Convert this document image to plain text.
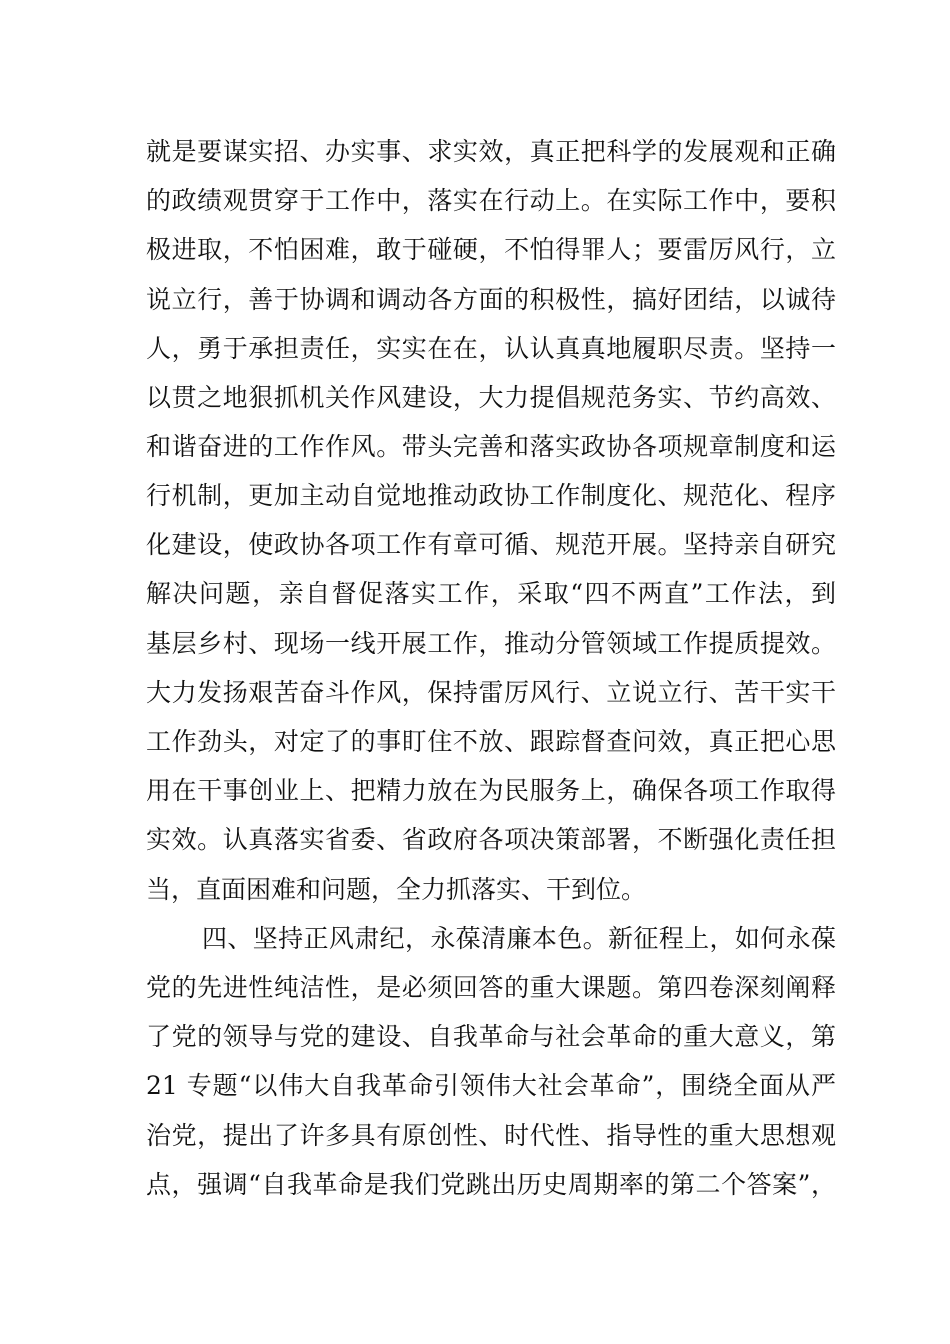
就是要谋实招、办实事、求实效，真正把科学的发展观和正确
的政绩观贯穿于工作中，落实在行动上。在实际工作中，要积
极进取，不怕困难，敢于碰硬，不怕得罪人；要雷厉风行，立
说立行，善于协调和调动各方面的积极性，搞好团结，以诚待
人，勇于承担责任，实实在在，认认真真地履职尽责。坚持一
以贯之地狠抓机关作风建设，大力提倡规范务实、节约高效、
和谐奋进的工作作风。带头完善和落实政协各项规章制度和运
行机制，更加主动自觉地推动政协工作制度化、规范化、程序
化建设，使政协各项工作有章可循、规范开展。坚持亲自研究
解决问题，亲自督促落实工作，采取“四不两直”工作法，到
基层乡村、现场一线开展工作，推动分管领域工作提质提效。
大力发扬艰苦奋斗作风，保持雷厉风行、立说立行、苦干实干
工作劲头，对定了的事盯住不放、跟踪督查问效，真正把心思
用在干事创业上、把精力放在为民服务上，确保各项工作取得
实效。认真落实省委、省政府各项决策部署，不断强化责任担
当，直面困难和问题，全力抓落实、干到位。
四、坚持正风肃纪，永葆清廉本色。新征程上，如何永葆
党的先进性纯洁性，是必须回答的重大课题。第四卷深刻阐释
了党的领导与党的建设、自我革命与社会革命的重大意义，第
21 专题“以伟大自我革命引领伟大社会革命”，围绕全面从严
治党，提出了许多具有原创性、时代性、指导性的重大思想观
点，强调“自我革命是我们党跳出历史周期率的第二个答案”，
